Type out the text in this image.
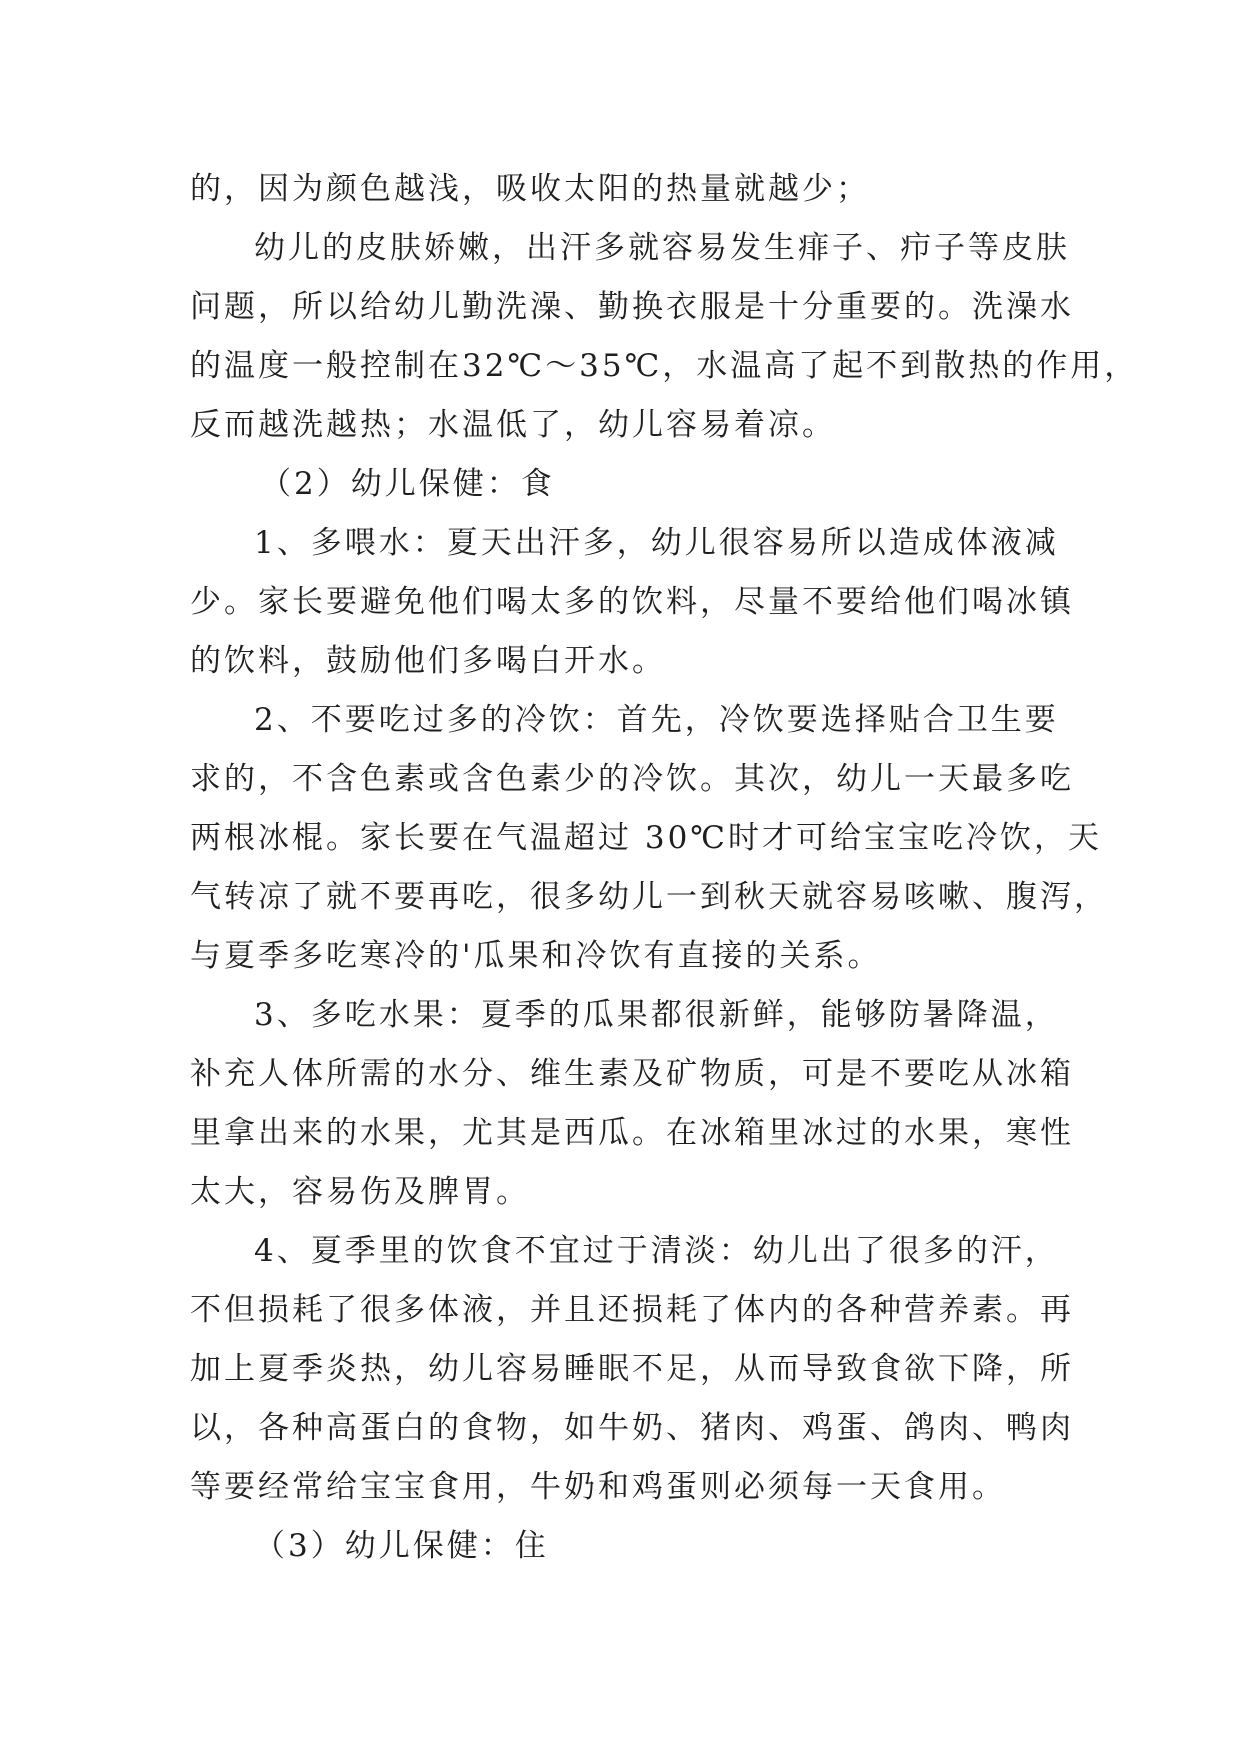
的，因为颜色越浅，吸收太阳的热量就越少；
幼儿的皮肤娇嫩，出汗多就容易发生痱子、疖子等皮肤
问题，所以给幼儿勤洗澡、勤换衣服是十分重要的。洗澡水
的温度一般控制在32℃～35℃，水温高了起不到散热的作用，
反而越洗越热；水温低了，幼儿容易着凉。
（2）幼儿保健：食
1、多喂水：夏天出汗多，幼儿很容易所以造成体液减
少。家长要避免他们喝太多的饮料，尽量不要给他们喝冰镇
的饮料，鼓励他们多喝白开水。
2、不要吃过多的冷饮：首先，冷饮要选择贴合卫生要
求的，不含色素或含色素少的冷饮。其次，幼儿一天最多吃
两根冰棍。家长要在气温超过 30℃时才可给宝宝吃冷饮，天
气转凉了就不要再吃，很多幼儿一到秋天就容易咳嗽、腹泻，
与夏季多吃寒冷的'瓜果和冷饮有直接的关系。
3、多吃水果：夏季的瓜果都很新鲜，能够防暑降温，
补充人体所需的水分、维生素及矿物质，可是不要吃从冰箱
里拿出来的水果，尤其是西瓜。在冰箱里冰过的水果，寒性
太大，容易伤及脾胃。
4、夏季里的饮食不宜过于清淡：幼儿出了很多的汗，
不但损耗了很多体液，并且还损耗了体内的各种营养素。再
加上夏季炎热，幼儿容易睡眠不足，从而导致食欲下降，所
以，各种高蛋白的食物，如牛奶、猪肉、鸡蛋、鸽肉、鸭肉
等要经常给宝宝食用，牛奶和鸡蛋则必须每一天食用。
（3）幼儿保健：住
